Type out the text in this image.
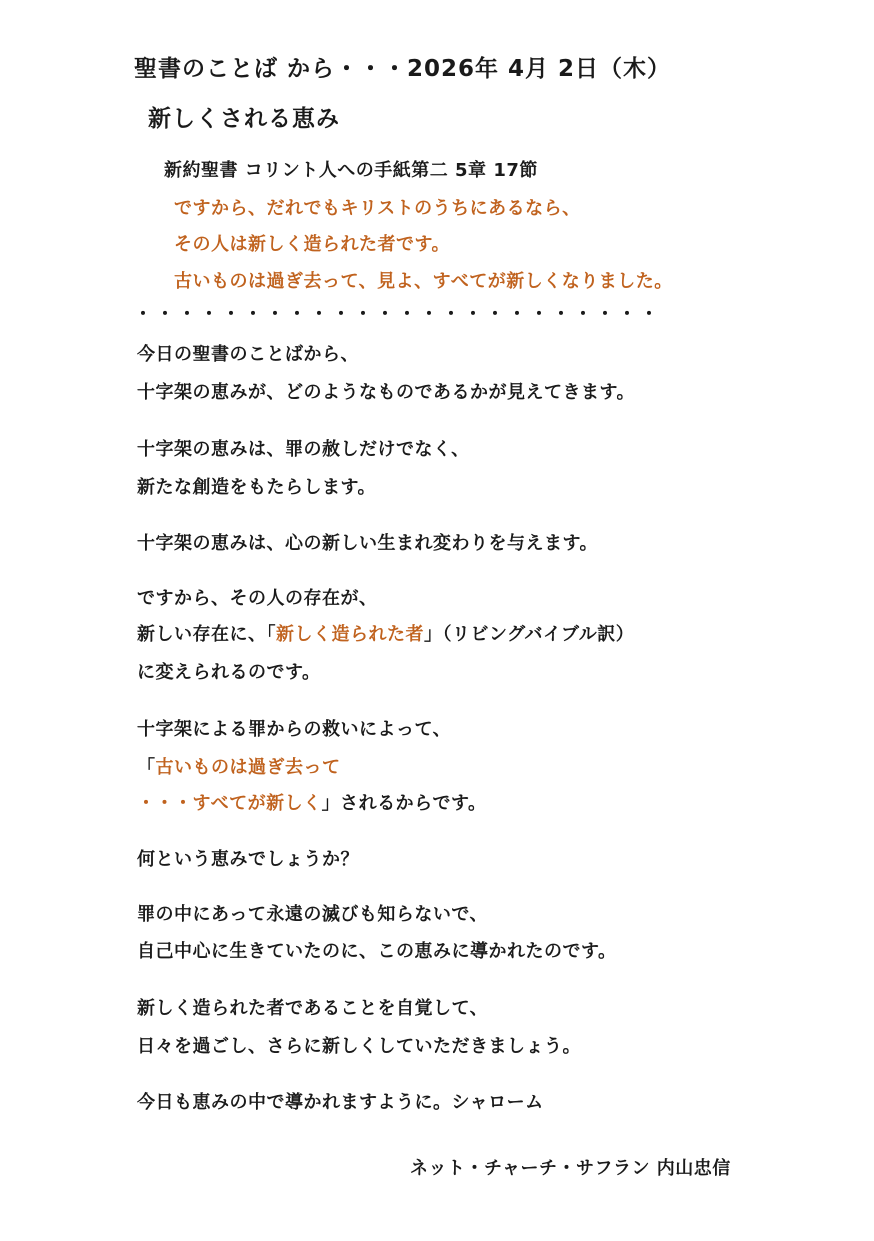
聖書のことば から・・・2026年 4月 2日（木）
新しくされる恵み
新約聖書 コリント人への手紙第二 5章 17節
ですから、だれでもキリストのうちにあるなら、
その人は新しく造られた者です。
古いものは過ぎ去って、見よ、すべてが新しくなりました。
・・・・・・・・・・・・・・・・・・・・・・・・
今日の聖書のことばから、
十字架の恵みが、どのようなものであるかが見えてきます。
十字架の恵みは、罪の赦しだけでなく、
新たな創造をもたらします。
十字架の恵みは、心の新しい生まれ変わりを与えます。
ですから、その人の存在が、
新しい存在に、「新しく造られた者」（リビングバイブル訳）
に変えられるのです。
十字架による罪からの救いによって、
「古いものは過ぎ去って
・・・すべてが新しく」されるからです。
何という恵みでしょうか？
罪の中にあって永遠の滅びも知らないで、
自己中心に生きていたのに、この恵みに導かれたのです。
新しく造られた者であることを自覚して、
日々を過ごし、さらに新しくしていただきましょう。
今日も恵みの中で導かれますように。シャローム
ネット・チャーチ・サフラン 内山忠信
